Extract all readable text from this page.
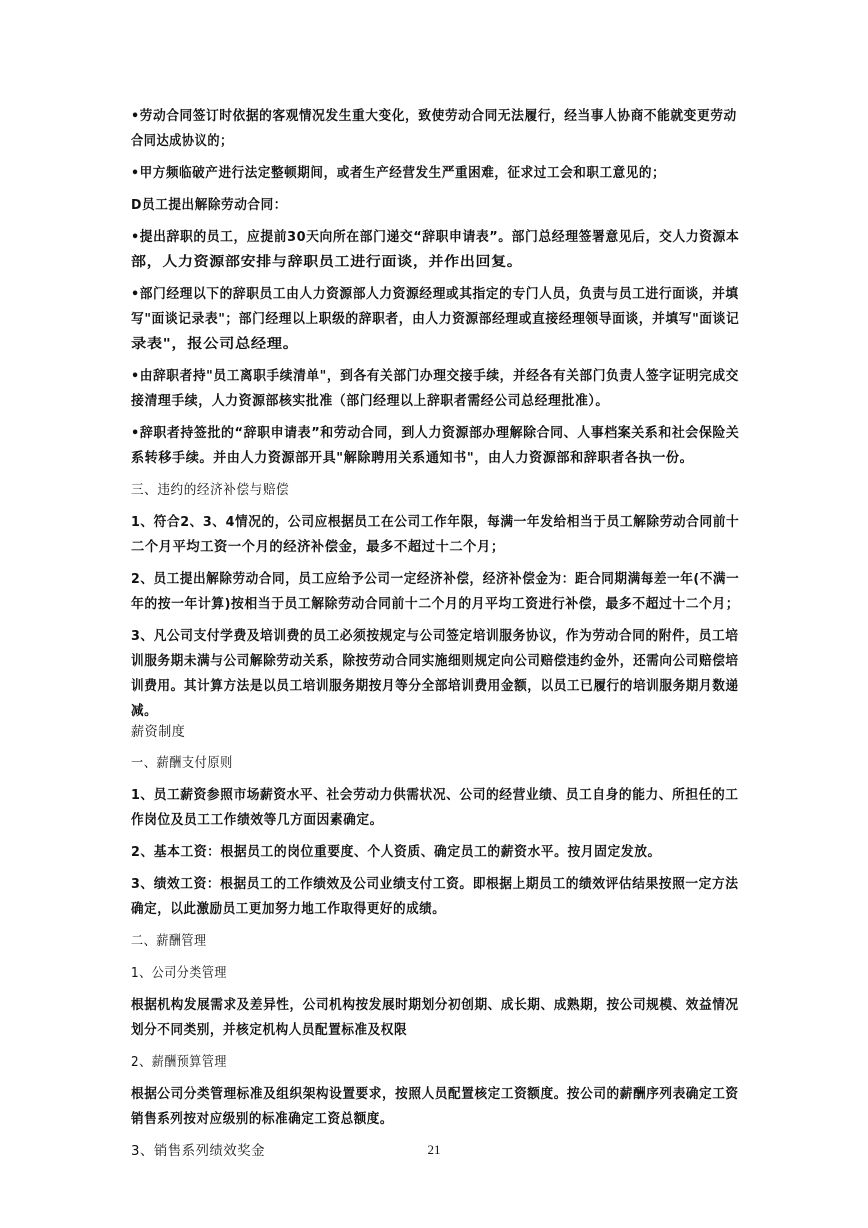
•劳动合同签订时依据的客观情况发生重大变化，致使劳动合同无法履行，经当事人协商不能就变更劳动

合同达成协议的；

•甲方频临破产进行法定整顿期间，或者生产经营发生严重困难，征求过工会和职工意见的；

D员工提出解除劳动合同：

•提出辞职的员工，应提前30天向所在部门递交“辞职申请表”。部门总经理签署意见后，交人力资源本

部，人力资源部安排与辞职员工进行面谈，并作出回复。

•部门经理以下的辞职员工由人力资源部人力资源经理或其指定的专门人员，负责与员工进行面谈，并填

写"面谈记录表"；部门经理以上职级的辞职者，由人力资源部经理或直接经理领导面谈，并填写"面谈记

录表"，报公司总经理。

•由辞职者持"员工离职手续清单"，到各有关部门办理交接手续，并经各有关部门负责人签字证明完成交

接清理手续，人力资源部核实批准（部门经理以上辞职者需经公司总经理批准）。

•辞职者持签批的“辞职申请表”和劳动合同，到人力资源部办理解除合同、人事档案关系和社会保险关

系转移手续。并由人力资源部开具"解除聘用关系通知书"，由人力资源部和辞职者各执一份。

三、违约的经济补偿与赔偿

1、符合2、3、4情况的，公司应根据员工在公司工作年限，每满一年发给相当于员工解除劳动合同前十

二个月平均工资一个月的经济补偿金，最多不超过十二个月；

2、员工提出解除劳动合同，员工应给予公司一定经济补偿，经济补偿金为：距合同期满每差一年(不满一

年的按一年计算)按相当于员工解除劳动合同前十二个月的月平均工资进行补偿，最多不超过十二个月；

3、凡公司支付学费及培训费的员工必须按规定与公司签定培训服务协议，作为劳动合同的附件，员工培

训服务期未满与公司解除劳动关系，除按劳动合同实施细则规定向公司赔偿违约金外，还需向公司赔偿培

训费用。其计算方法是以员工培训服务期按月等分全部培训费用金额，以员工已履行的培训服务期月数递

减。

薪资制度

一、薪酬支付原则

1、员工薪资参照市场薪资水平、社会劳动力供需状况、公司的经营业绩、员工自身的能力、所担任的工

作岗位及员工工作绩效等几方面因素确定。

2、基本工资：根据员工的岗位重要度、个人资质、确定员工的薪资水平。按月固定发放。

3、绩效工资：根据员工的工作绩效及公司业绩支付工资。即根据上期员工的绩效评估结果按照一定方法

确定，以此激励员工更加努力地工作取得更好的成绩。

二、薪酬管理

1、公司分类管理

根据机构发展需求及差异性，公司机构按发展时期划分初创期、成长期、成熟期，按公司规模、效益情况

划分不同类别，并核定机构人员配置标准及权限

2、薪酬预算管理

根据公司分类管理标准及组织架构设置要求，按照人员配置核定工资额度。按公司的薪酬序列表确定工资

销售系列按对应级别的标准确定工资总额度。

3、销售系列绩效奖金	21
